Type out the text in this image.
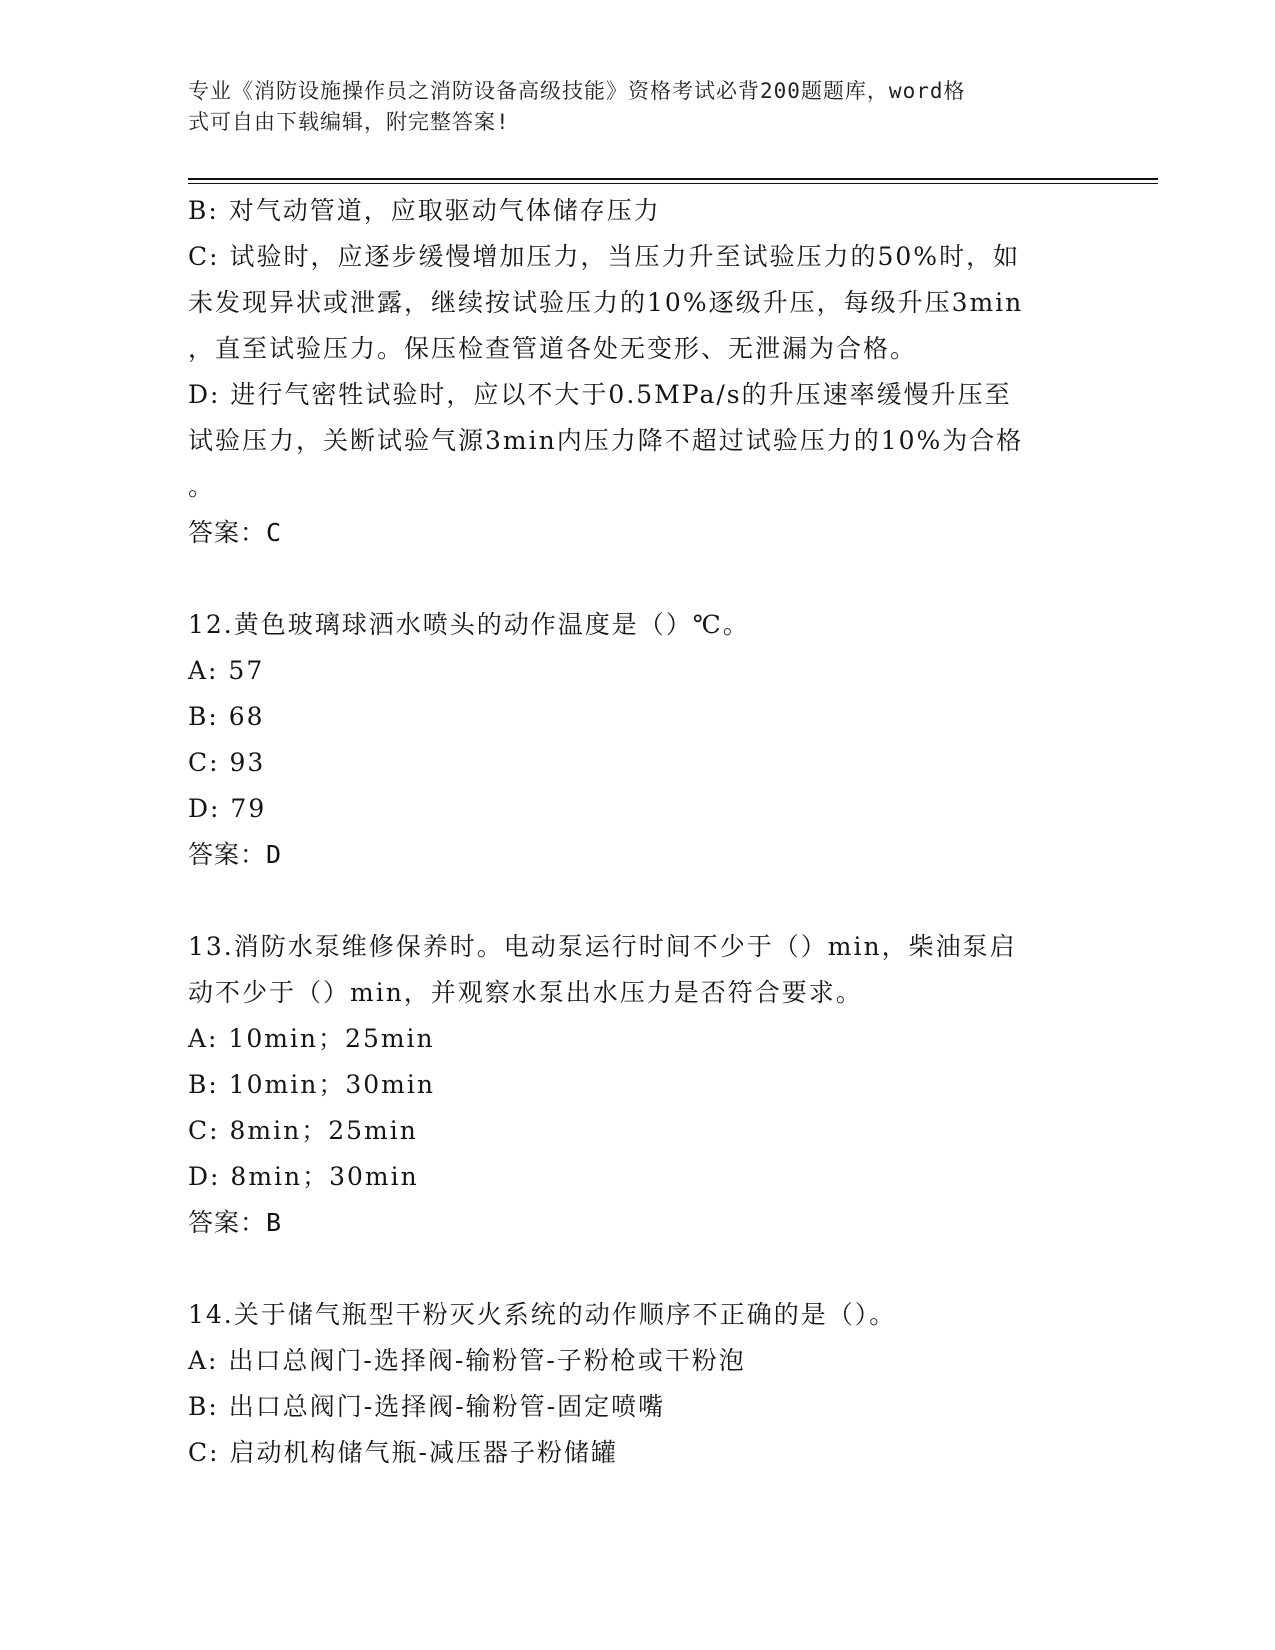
专业《消防设施操作员之消防设备高级技能》资格考试必背200题题库，word格
式可自由下载编辑，附完整答案!
B: 对气动管道，应取驱动气体储存压力
C: 试验时，应逐步缓慢增加压力，当压力升至试验压力的50%时，如
未发现异状或泄露，继续按试验压力的10%逐级升压，每级升压3min
，直至试验压力。保压检查管道各处无变形、无泄漏为合格。
D: 进行气密牲试验时，应以不大于0.5MPa/s的升压速率缓慢升压至
试验压力，关断试验气源3min内压力降不超过试验压力的10%为合格
。
答案：C
12.黄色玻璃球洒水喷头的动作温度是（）℃。
A: 57
B: 68
C: 93
D: 79
答案：D
13.消防水泵维修保养时。电动泵运行时间不少于（）min，柴油泵启
动不少于（）min，并观察水泵出水压力是否符合要求。
A: 10min；25min
B: 10min；30min
C: 8min；25min
D: 8min；30min
答案：B
14.关于储气瓶型干粉灭火系统的动作顺序不正确的是（）。
A: 出口总阀门-选择阀-输粉管-子粉枪或干粉泡
B: 出口总阀门-选择阀-输粉管-固定喷嘴
C: 启动机构储气瓶-减压器子粉储罐
